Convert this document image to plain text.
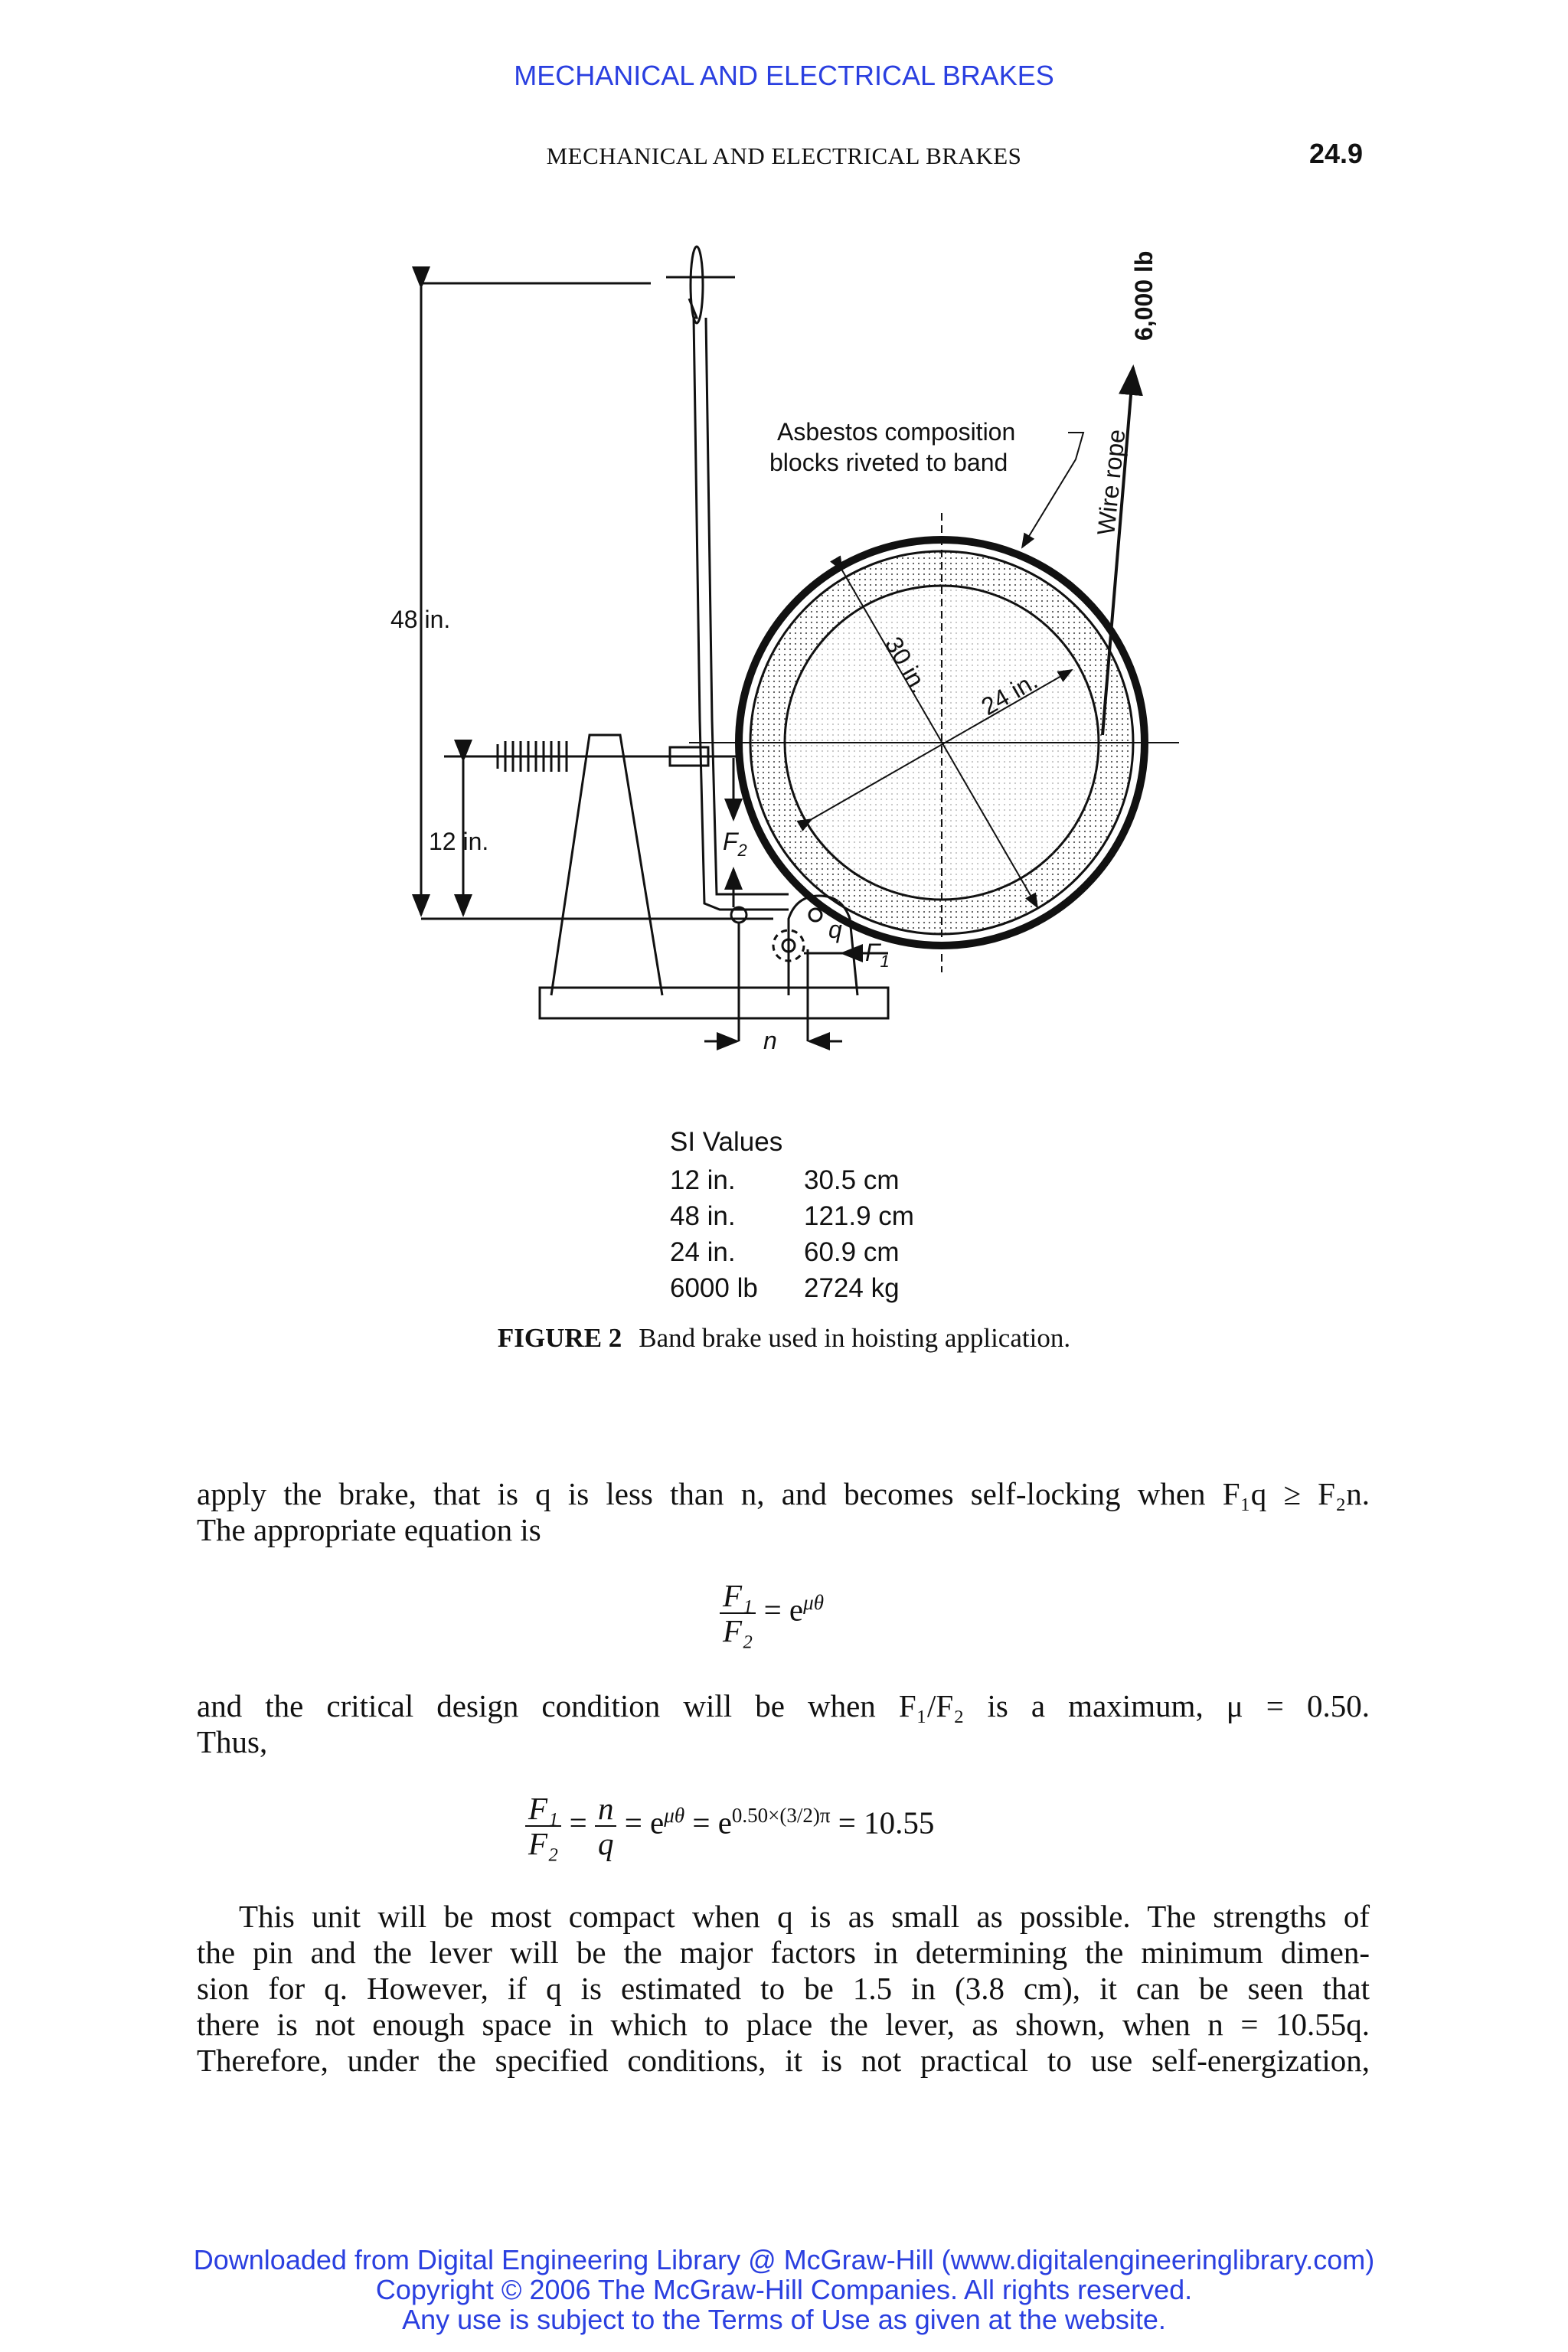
MECHANICAL AND ELECTRICAL BRAKES
MECHANICAL AND ELECTRICAL BRAKES	24.9
48 in.
12 in.
Asbestos composition
blocks riveted to band	Wire rope
6,000 lb
30 in. 24 in.
$F_2$
$F_1$
q
n
SI Values
12 in.	30.5 cm
48 in.	121.9 cm
24 in.	60.9 cm
6000 lb	2724 kg
FIGURE 2 Band brake used in hoisting application.
apply the brake, that is q is less than n, and becomes self-locking when F₁q ≥ F₂n.
The appropriate equation is
$\frac{\text{F₁}}{\text{F₂}} = e^{\mu\theta}$
and the critical design condition will be when F₁/F₂ is a maximum, μ = 0.50.
Thus,
$\frac{\text{F₁}}{\text{F₂}} = \frac{n}{q} = e^{\mu\theta} = e^{0.50\times(3/2)\pi} = 10.55$
This unit will be most compact when q is as small as possible. The strengths of
the pin and the lever will be the major factors in determining the minimum dimen-
sion for q. However, if q is estimated to be 1.5 in (3.8 cm), it can be seen that
there is not enough space in which to place the lever, as shown, when n = 10.55q.
Therefore, under the specified conditions, it is not practical to use self-energization,
Downloaded from Digital Engineering Library @ McGraw-Hill (www.digitalengineeringlibrary.com)
Copyright © 2006 The McGraw-Hill Companies. All rights reserved.
Any use is subject to the Terms of Use as given at the website.
